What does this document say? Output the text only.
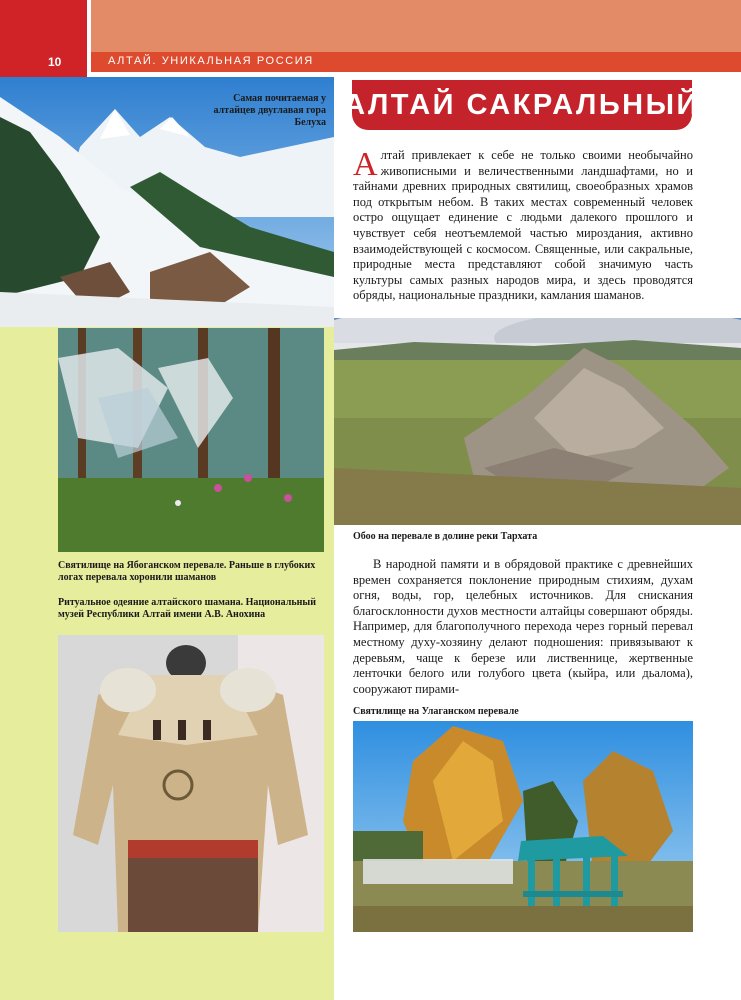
10	АЛТАЙ. УНИКАЛЬНАЯ РОССИЯ
Самая почитаемая у алтайцев двуглавая гора Белуха
Святилище на Ябоганском перевале. Раньше в глубоких логах перевала хоронили шаманов
Ритуальное одеяние алтайского шамана. Национальный музей Республики Алтай имени А.В. Анохина
АЛТАЙ САКРАЛЬНЫЙ
Алтай привлекает к себе не только своими необычайно живописными и величественными ландшафтами, но и тайнами древних природных святилищ, своеобразных храмов под открытым небом. В таких местах современный человек остро ощущает единение с людьми далекого прошлого и чувствует себя неотъемлемой частью мироздания, активно взаимодействующей с космосом. Священные, или сакральные, природные места представляют собой значимую часть культуры самых разных народов мира, и здесь проводятся обряды, национальные праздники, камлания шаманов.
Обоо на перевале в долине реки Тархата

В народной памяти и в обрядовой практике с древнейших времен сохраняется поклонение природным стихиям, духам огня, воды, гор, целебных источников. Для снискания благосклонности духов местности алтайцы совершают обряды. Например, для благополучного перехода через горный перевал местному духу-хозяину делают подношения: привязывают к деревьям, чаще к березе или лиственнице, жертвенные ленточки белого или голубого цвета (кыйра, или дьалома), сооружают пирами-

Святилище на Улаганском перевале
